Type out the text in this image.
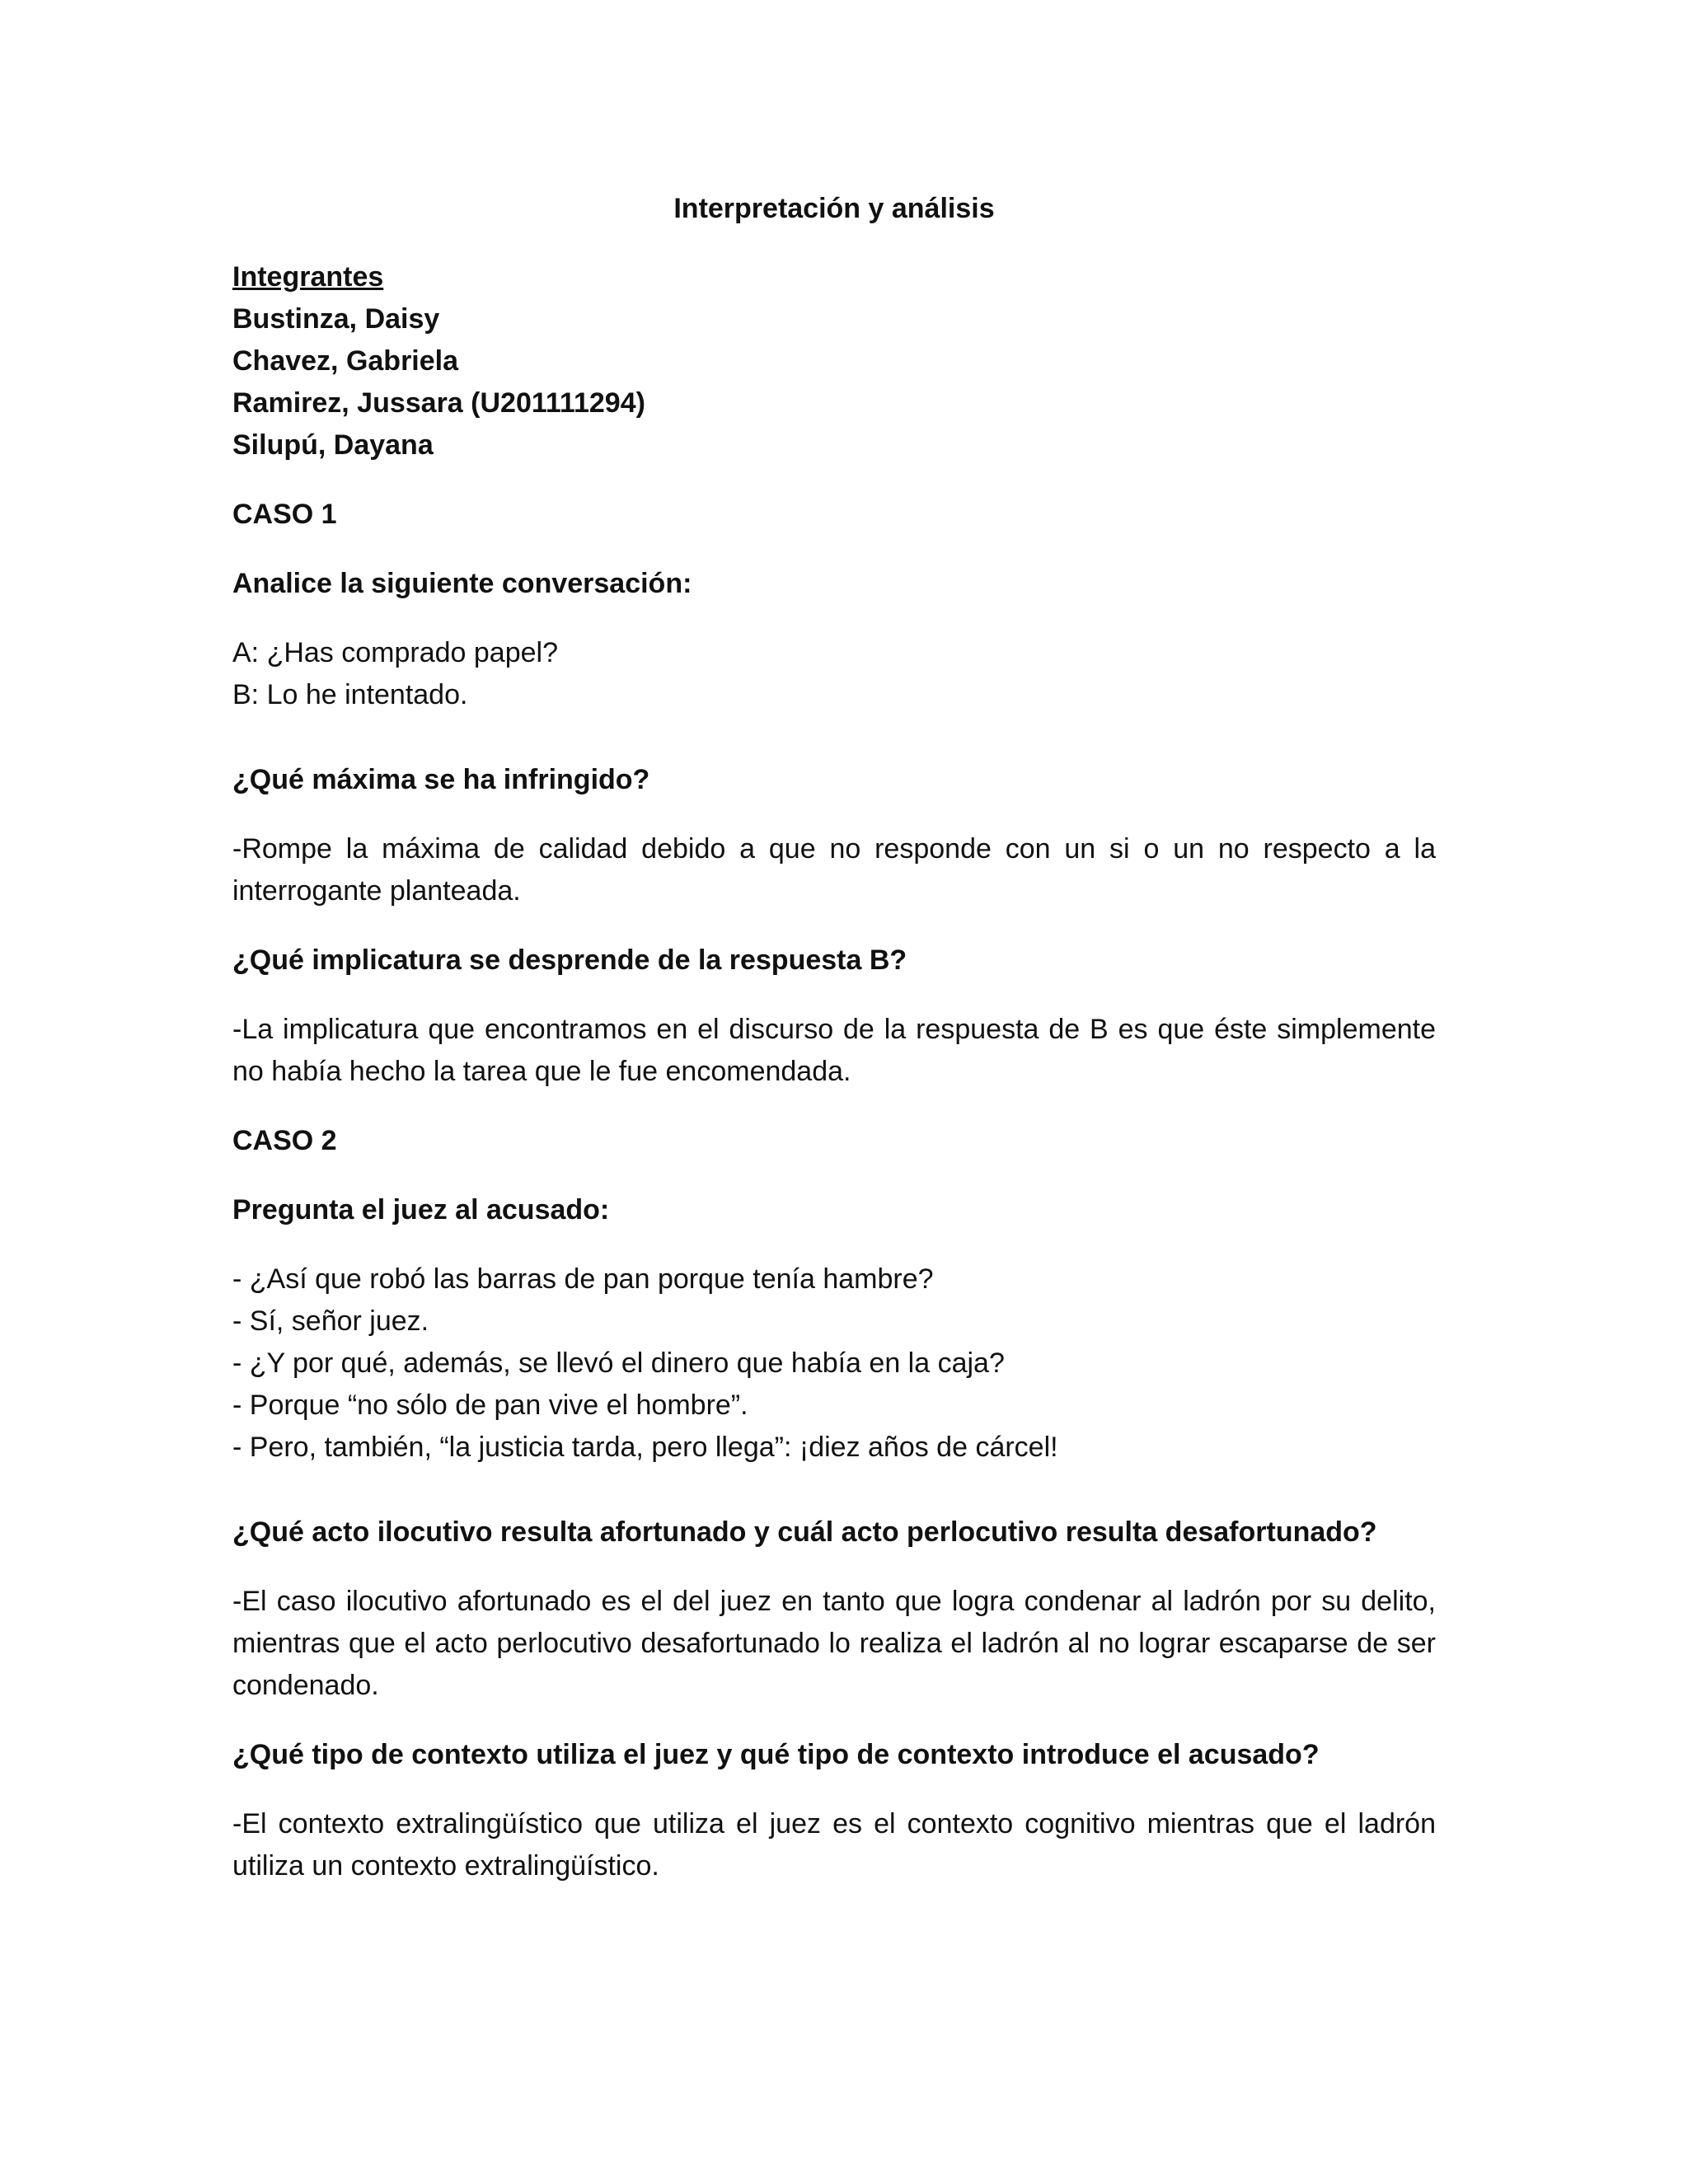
Interpretación y análisis
Integrantes
Bustinza, Daisy
Chavez, Gabriela
Ramirez, Jussara (U201111294)
Silupú, Dayana
CASO 1
Analice la siguiente conversación:
A: ¿Has comprado papel?
B: Lo he intentado.
¿Qué máxima se ha infringido?
-Rompe la máxima de calidad debido a que no responde con un si o un no respecto a la interrogante planteada.
¿Qué implicatura se desprende de la respuesta B?
-La implicatura que encontramos en el discurso de la respuesta de B es que éste simplemente no había hecho la tarea que le fue encomendada.
CASO 2
Pregunta el juez al acusado:
- ¿Así que robó las barras de pan porque tenía hambre?
- Sí, señor juez.
- ¿Y por qué, además, se llevó el dinero que había en la caja?
- Porque “no sólo de pan vive el hombre”.
- Pero, también, “la justicia tarda, pero llega”: ¡diez años de cárcel!
¿Qué acto ilocutivo resulta afortunado y cuál acto perlocutivo resulta desafortunado?
-El caso ilocutivo afortunado es el del juez en tanto que logra condenar al ladrón por su delito, mientras que el acto perlocutivo desafortunado lo realiza el ladrón al no lograr escaparse de ser condenado.
¿Qué tipo de contexto utiliza el juez y qué tipo de contexto introduce el acusado?
-El contexto extralingüístico que utiliza el juez es el contexto cognitivo mientras que el ladrón utiliza un contexto extralingüístico.
